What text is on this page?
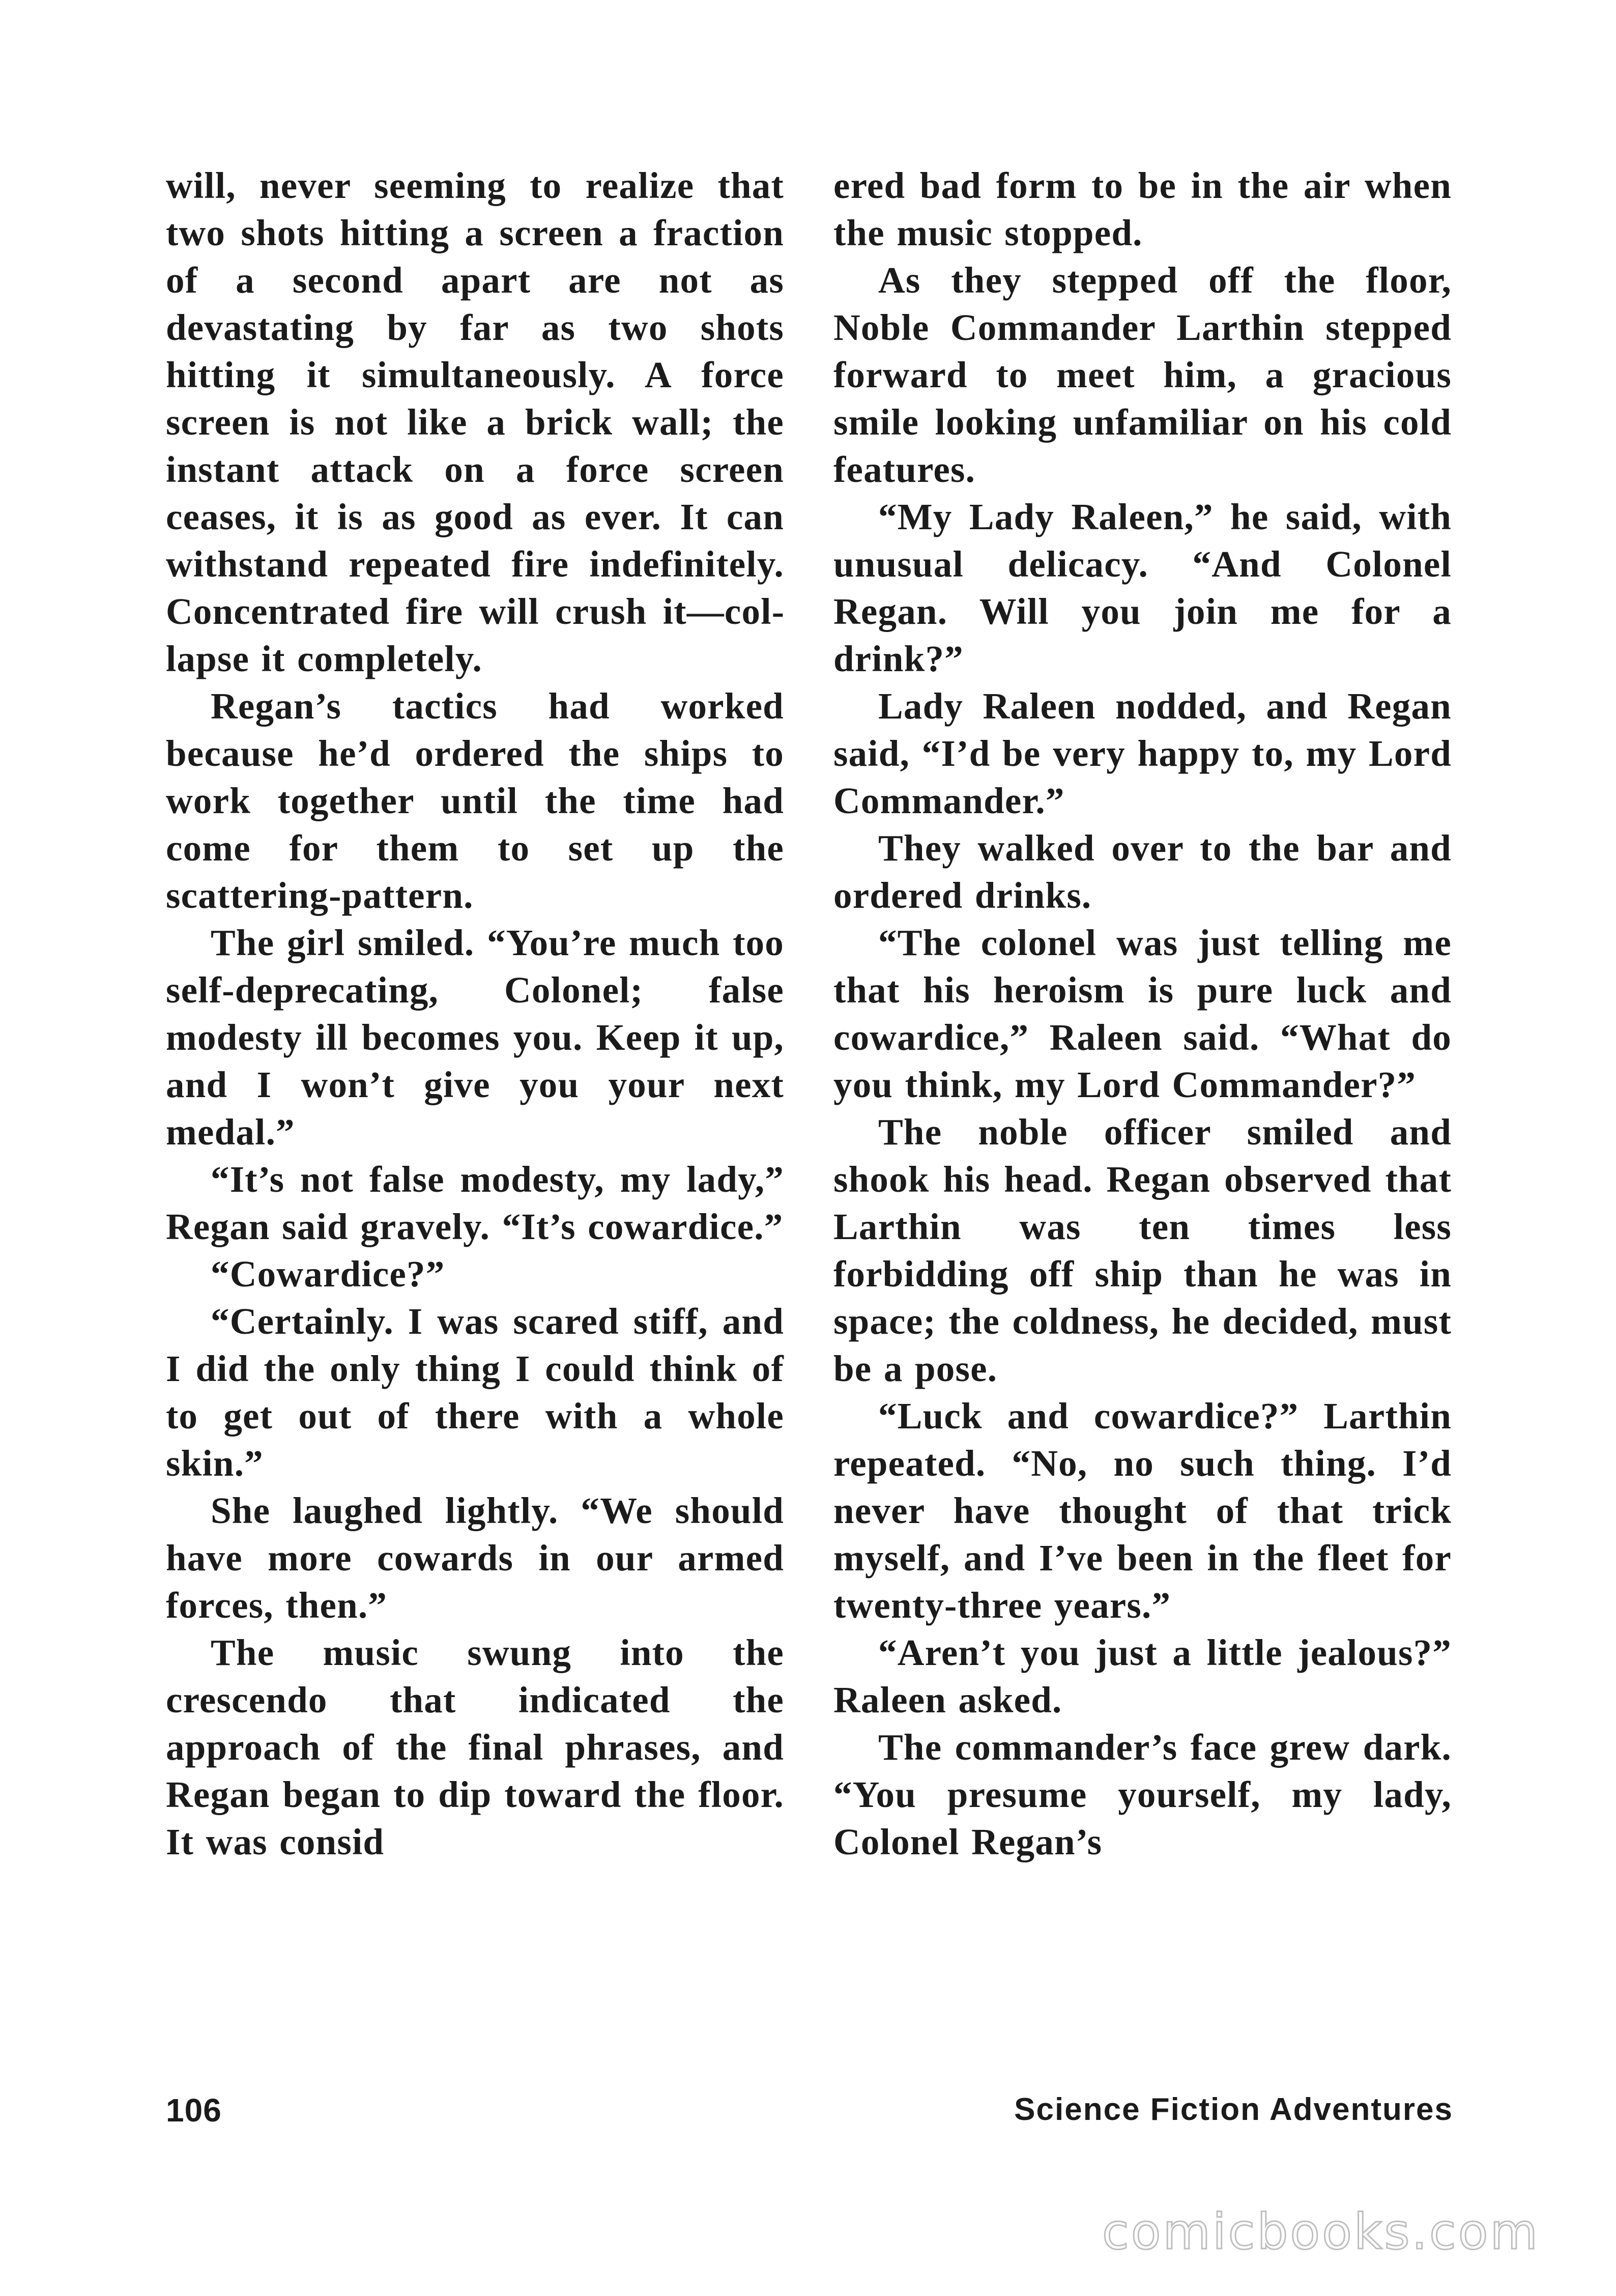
will, never seeming to realize that two shots hitting a screen a fraction of a second apart are not as devastating by far as two shots hitting it simultaneously. A force screen is not like a brick wall; the instant attack on a force screen ceases, it is as good as ever. It can withstand repeated fire indefinitely. Concentrated fire will crush it—collapse it completely.

Regan’s tactics had worked because he’d ordered the ships to work together until the time had come for them to set up the scattering-pattern.

The girl smiled. “You’re much too self-deprecating, Colonel; false modesty ill becomes you. Keep it up, and I won’t give you your next medal.”

“It’s not false modesty, my lady,” Regan said gravely. “It’s cowardice.”

“Cowardice?”

“Certainly. I was scared stiff, and I did the only thing I could think of to get out of there with a whole skin.”

She laughed lightly. “We should have more cowards in our armed forces, then.”

The music swung into the crescendo that indicated the approach of the final phrases, and Regan began to dip toward the floor. It was consid

ered bad form to be in the air when the music stopped.

As they stepped off the floor, Noble Commander Larthin stepped forward to meet him, a gracious smile looking unfamiliar on his cold features.

“My Lady Raleen,” he said, with unusual delicacy. “And Colonel Regan. Will you join me for a drink?”

Lady Raleen nodded, and Regan said, “I’d be very happy to, my Lord Commander.”

They walked over to the bar and ordered drinks.

“The colonel was just telling me that his heroism is pure luck and cowardice,” Raleen said. “What do you think, my Lord Commander?”

The noble officer smiled and shook his head. Regan observed that Larthin was ten times less forbidding off ship than he was in space; the coldness, he decided, must be a pose.

“Luck and cowardice?” Larthin repeated. “No, no such thing. I’d never have thought of that trick myself, and I’ve been in the fleet for twenty-three years.”

“Aren’t you just a little jealous?” Raleen asked.

The commander’s face grew dark. “You presume yourself, my lady, Colonel Regan’s

106	Science Fiction Adventures
comicbooks.com
